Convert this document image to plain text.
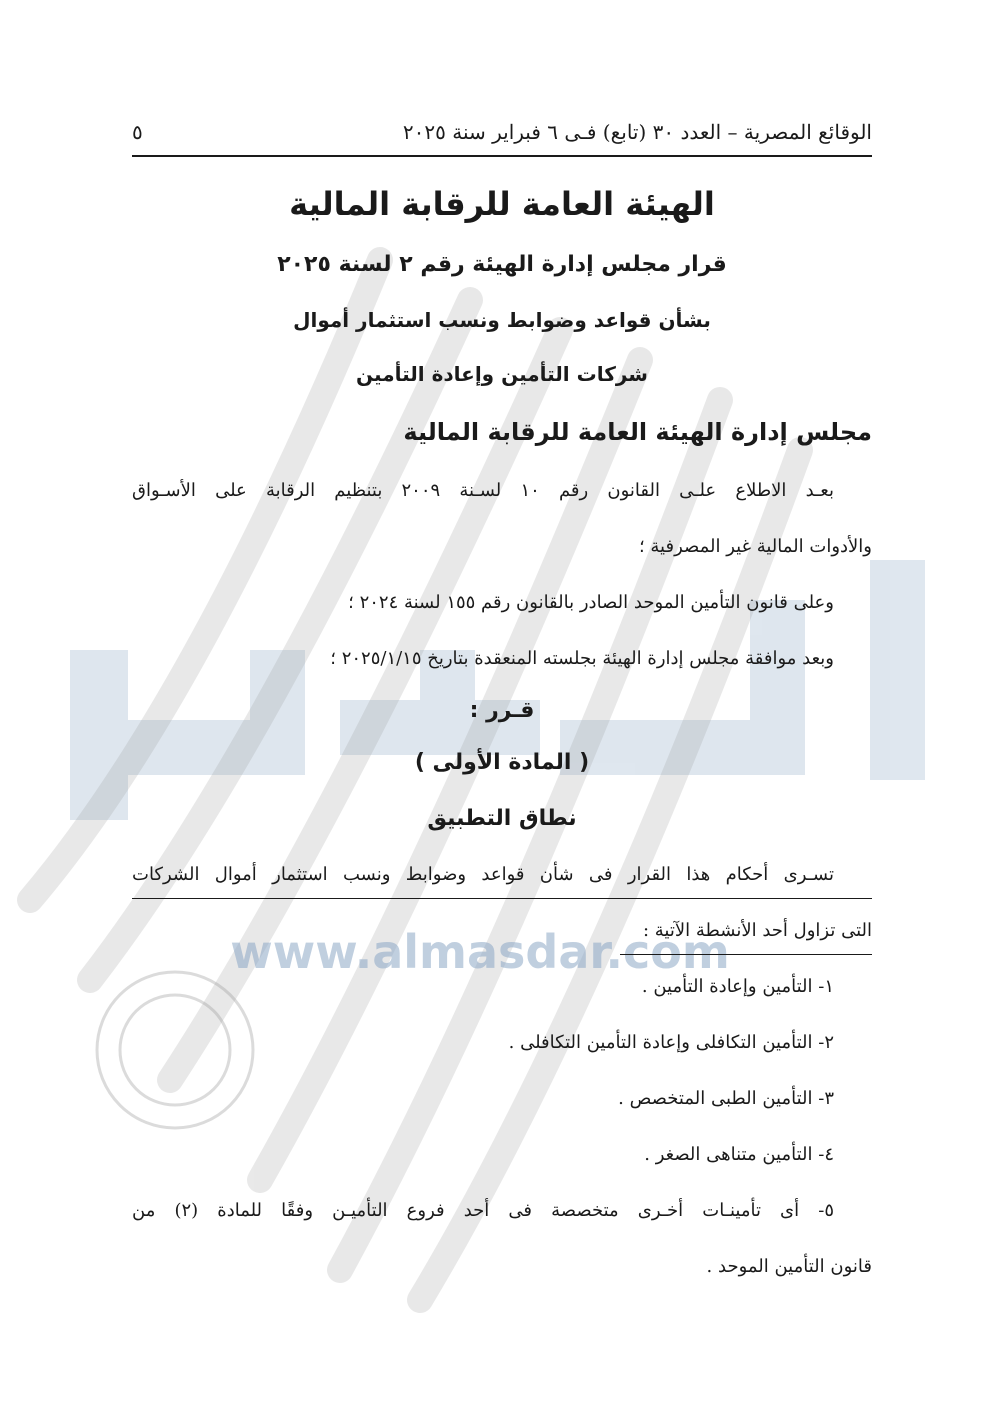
www.almasdar.com
الوقائع المصرية – العدد ٣٠ (تابع) فـى ٦ فبراير سنة ٢٠٢٥
٥
الهيئة العامة للرقابة المالية
قرار مجلس إدارة الهيئة رقم ٢ لسنة ٢٠٢٥
بشأن قواعد وضوابط ونسب استثمار أموال
شركات التأمين وإعادة التأمين
مجلس إدارة الهيئة العامة للرقابة المالية
بعـد الاطلاع علـى القانون رقم ١٠ لسـنة ٢٠٠٩ بتنظيم الرقابة على الأسـواق
والأدوات المالية غير المصرفية ؛
وعلى قانون التأمين الموحد الصادر بالقانون رقم ١٥٥ لسنة ٢٠٢٤ ؛
وبعد موافقة مجلس إدارة الهيئة بجلسته المنعقدة بتاريخ ٢٠٢٥/١/١٥ ؛
قـرر :
( المادة الأولى )
نطاق التطبيق
تسـرى أحكام هذا القرار فى شأن قواعد وضوابط ونسب استثمار أموال الشركات
التى تزاول أحد الأنشطة الآتية :
١- التأمين وإعادة التأمين .
٢- التأمين التكافلى وإعادة التأمين التكافلى .
٣- التأمين الطبى المتخصص .
٤- التأمين متناهى الصغر .
٥- أى تأمينـات أخـرى متخصصة فى أحد فروع التأميـن وفقًا للمادة (٢) من
قانون التأمين الموحد .
